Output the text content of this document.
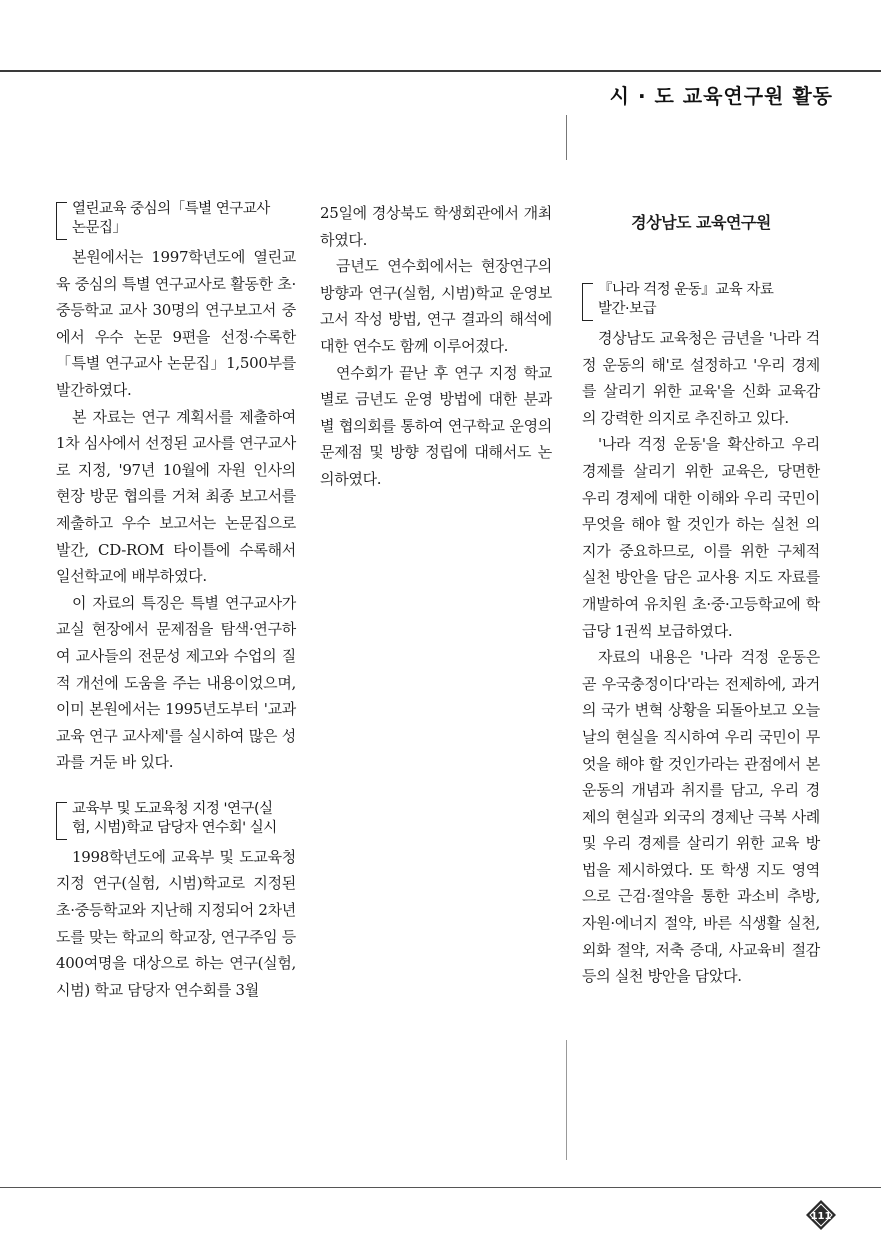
시 · 도 교육연구원 활동
열린교육 중심의「특별 연구교사
논문집」

본원에서는 1997학년도에 열린교육 중심의 특별 연구교사로 활동한 초·중등학교 교사 30명의 연구보고서 중에서 우수 논문 9편을 선정·수록한「특별 연구교사 논문집」1,500부를 발간하였다.

본 자료는 연구 계획서를 제출하여 1차 심사에서 선정된 교사를 연구교사로 지정, '97년 10월에 자원 인사의 현장 방문 협의를 거쳐 최종 보고서를 제출하고 우수 보고서는 논문집으로 발간, CD-ROM 타이틀에 수록해서 일선학교에 배부하였다.

이 자료의 특징은 특별 연구교사가 교실 현장에서 문제점을 탐색·연구하여 교사들의 전문성 제고와 수업의 질적 개선에 도움을 주는 내용이었으며, 이미 본원에서는 1995년도부터 '교과교육 연구 교사제'를 실시하여 많은 성과를 거둔 바 있다.

교육부 및 도교육청 지정 '연구(실
험, 시범)학교 담당자 연수회' 실시

1998학년도에 교육부 및 도교육청 지정 연구(실험, 시범)학교로 지정된 초·중등학교와 지난해 지정되어 2차년도를 맞는 학교의 학교장, 연구주임 등 400여명을 대상으로 하는 연구(실험, 시범) 학교 담당자 연수회를 3월

25일에 경상북도 학생회관에서 개최하였다.

금년도 연수회에서는 현장연구의 방향과 연구(실험, 시범)학교 운영보고서 작성 방법, 연구 결과의 해석에 대한 연수도 함께 이루어졌다.

연수회가 끝난 후 연구 지정 학교별로 금년도 운영 방법에 대한 분과별 협의회를 통하여 연구학교 운영의 문제점 및 방향 정립에 대해서도 논의하였다.

경상남도 교육연구원
『나라 걱정 운동』교육 자료
발간·보급

경상남도 교육청은 금년을 '나라 걱정 운동의 해'로 설정하고 '우리 경제를 살리기 위한 교육'을 신화 교육감의 강력한 의지로 추진하고 있다.

'나라 걱정 운동'을 확산하고 우리 경제를 살리기 위한 교육은, 당면한 우리 경제에 대한 이해와 우리 국민이 무엇을 해야 할 것인가 하는 실천 의지가 중요하므로, 이를 위한 구체적 실천 방안을 담은 교사용 지도 자료를 개발하여 유치원 초·중·고등학교에 학급당 1권씩 보급하였다.

자료의 내용은 '나라 걱정 운동은 곧 우국충정이다'라는 전제하에, 과거의 국가 변혁 상황을 되돌아보고 오늘날의 현실을 직시하여 우리 국민이 무엇을 해야 할 것인가라는 관점에서 본 운동의 개념과 취지를 담고, 우리 경제의 현실과 외국의 경제난 극복 사례 및 우리 경제를 살리기 위한 교육 방법을 제시하였다. 또 학생 지도 영역으로 근검·절약을 통한 과소비 추방, 자원·에너지 절약, 바른 식생활 실천, 외화 절약, 저축 증대, 사교육비 절감 등의 실천 방안을 담았다.

111
